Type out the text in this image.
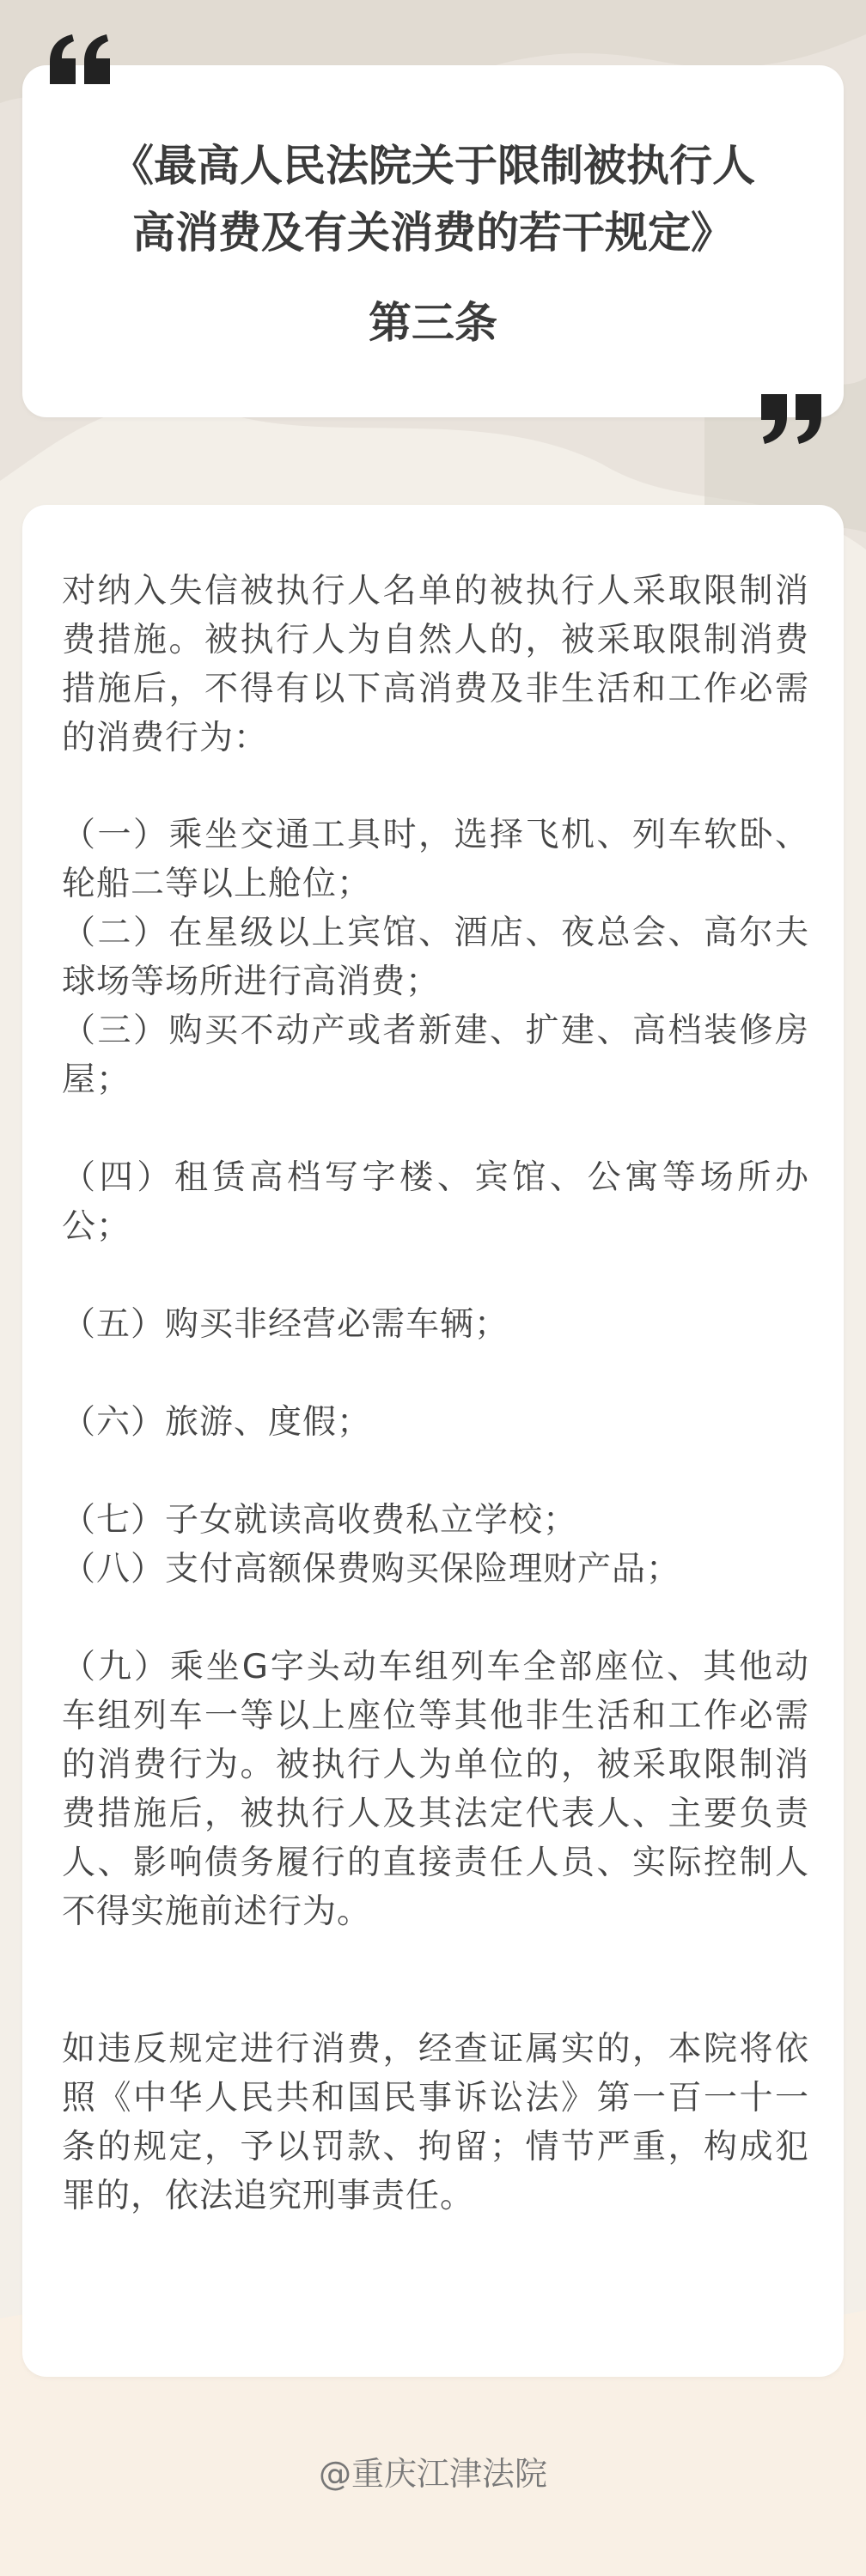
《最高人民法院关于限制被执行人
高消费及有关消费的若干规定》
第三条
对纳入失信被执行人名单的被执行人采取限制消费措施。被执行人为自然人的，被采取限制消费措施后，不得有以下高消费及非生活和工作必需的消费行为：
（一）乘坐交通工具时，选择飞机、列车软卧、轮船二等以上舱位；
（二）在星级以上宾馆、酒店、夜总会、高尔夫球场等场所进行高消费；
（三）购买不动产或者新建、扩建、高档装修房屋；
（四）租赁高档写字楼、宾馆、公寓等场所办公；
（五）购买非经营必需车辆；
（六）旅游、度假；
（七）子女就读高收费私立学校；
（八）支付高额保费购买保险理财产品；
（九）乘坐G字头动车组列车全部座位、其他动车组列车一等以上座位等其他非生活和工作必需的消费行为。被执行人为单位的，被采取限制消费措施后，被执行人及其法定代表人、主要负责人、影响债务履行的直接责任人员、实际控制人不得实施前述行为。
如违反规定进行消费，经查证属实的，本院将依照《中华人民共和国民事诉讼法》第一百一十一条的规定，予以罚款、拘留；情节严重，构成犯罪的，依法追究刑事责任。
@重庆江津法院
